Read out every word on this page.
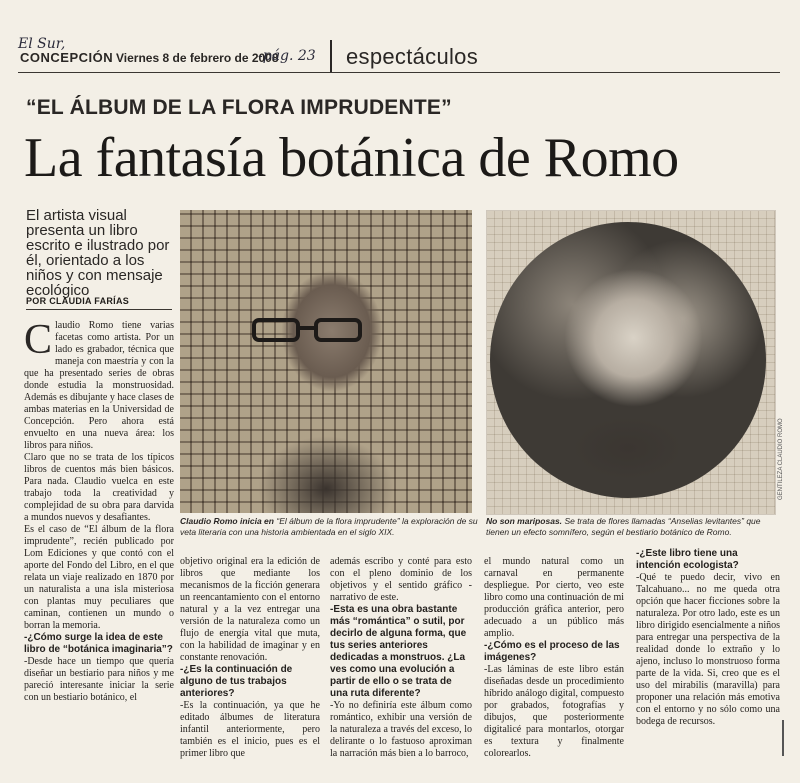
El Sur,
CONCEPCIÓN Viernes 8 de febrero de 2008
-pág. 23 espectáculos
“EL ÁLBUM DE LA FLORA IMPRUDENTE”
La fantasía botánica de Romo
El artista visual presenta un libro escrito e ilustrado por él, orientado a los niños y con mensaje ecológico
POR CLAUDIA FARÍAS
Claudio Romo inicia en “El álbum de la flora imprudente” la exploración de su veta literaria con una historia ambientada en el siglo XIX.
No son mariposas. Se trata de flores llamadas “Anselias levitantes” que tienen un efecto somnífero, según el bestiario botánico de Romo.
GENTILEZA CLAUDIO ROMO
C laudio Romo tiene varias facetas como artista. Por un lado es grabador, técnica que maneja con maestría y con la que ha presentado series de obras donde estudia la monstruosidad. Además es dibujante y hace clases de ambas materias en la Universidad de Concepción. Pero ahora está envuelto en una nueva área: los libros para niños.

Claro que no se trata de los típicos libros de cuentos más bien básicos. Para nada. Claudio vuelca en este trabajo toda la creatividad y complejidad de su obra para darvida a mundos nuevos y desafiantes.

Es el caso de “El álbum de la flora imprudente”, recién publicado por Lom Ediciones y que contó con el aporte del Fondo del Libro, en el que relata un viaje realizado en 1870 por un naturalista a una isla misteriosa con plantas muy peculiares que caminan, contienen un mundo o borran la memoria.

-¿Cómo surge la idea de este libro de “botánica imaginaria”?

-Desde hace un tiempo que quería diseñar un bestiario para niños y me pareció interesante iniciar la serie con un bestiario botánico, el

objetivo original era la edición de libros que mediante los mecanismos de la ficción generara un reencantamiento con el entorno natural y a la vez entregar una versión de la naturaleza como un flujo de energía vital que muta, con la habilidad de imaginar y en constante renovación.

-¿Es la continuación de alguno de tus trabajos anteriores?

-Es la continuación, ya que he editado álbumes de literatura infantil anteriormente, pero también es el inicio, pues es el primer libro que

además escribo y conté para esto con el pleno dominio de los objetivos y el sentido gráfico - narrativo de este.

-Esta es una obra bastante más “romántica” o sutil, por decirlo de alguna forma, que tus series anteriores dedicadas a monstruos. ¿La ves como una evolución a partir de ello o se trata de una ruta diferente?

-Yo no definiría este álbum como romántico, exhibir una versión de la naturaleza a través del exceso, lo delirante o lo fastuoso aproximan la narración más bien a lo barroco,

el mundo natural como un carnaval en permanente despliegue. Por cierto, veo este libro como una continuación de mi producción gráfica anterior, pero adecuado a un público más amplio.

-¿Cómo es el proceso de las imágenes?

-Las láminas de este libro están diseñadas desde un procedimiento híbrido análogo digital, compuesto por grabados, fotografías y dibujos, que posteriormente digitalicé para montarlos, otorgar es textura y finalmente colorearlos.

-¿Este libro tiene una intención ecologista?

-Qué te puedo decir, vivo en Talcahuano... no me queda otra opción que hacer ficciones sobre la naturaleza. Por otro lado, este es un libro dirigido esencialmente a niños para entregar una perspectiva de la realidad donde lo extraño y lo ajeno, incluso lo monstruoso forma parte de la vida. Si, creo que es el uso del mirabilis (maravilla) para proponer una relación más emotiva con el entorno y no sólo como una bodega de recursos.
